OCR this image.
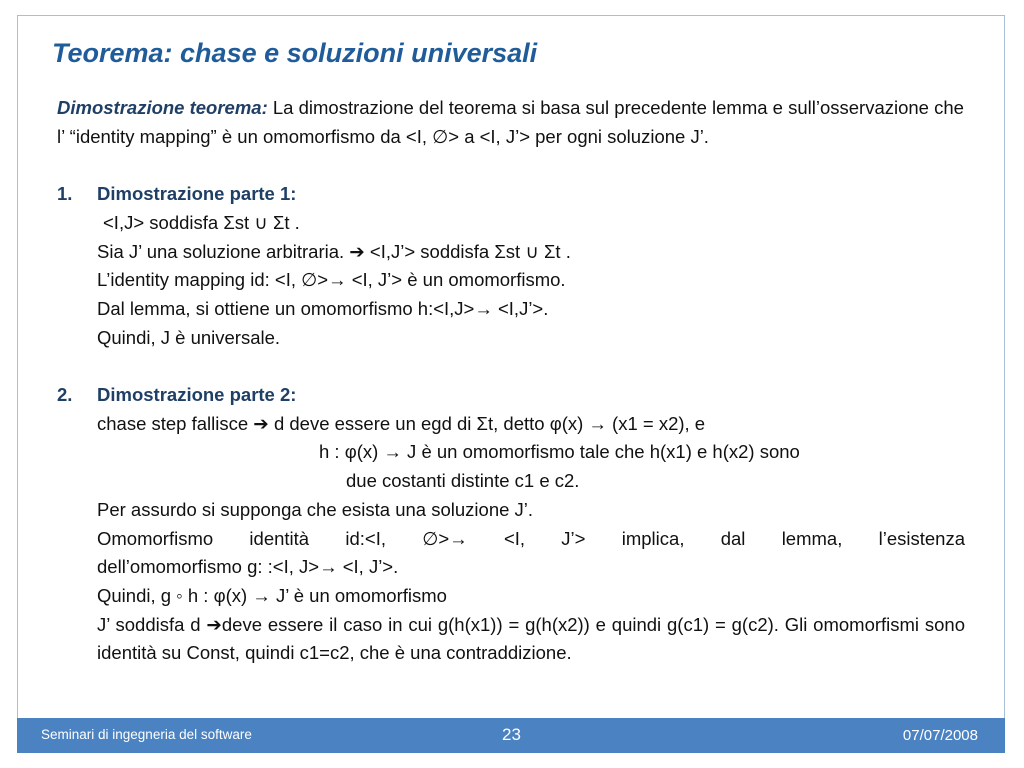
Teorema: chase e soluzioni universali

Dimostrazione teorema: La dimostrazione del teorema si basa sul precedente lemma e sull’osservazione che l’ “identity mapping” è un omomorfismo da <I, ∅> a <I, J’> per ogni soluzione J’.

1. Dimostrazione parte 1:
<I,J> soddisfa Σst ∪ Σt .
Sia J’ una soluzione arbitraria. ➔ <I,J’> soddisfa Σst ∪ Σt .
L’identity mapping id: <I, ∅>→ <I, J’> è un omomorfismo.
Dal lemma, si ottiene un omomorfismo h:<I,J>→ <I,J’>.
Quindi, J è universale.
2. Dimostrazione parte 2:
chase step fallisce ➔ d deve essere un egd di Σt, detto φ(x) → (x1 = x2), e
h : φ(x) → J è un omomorfismo tale che h(x1) e h(x2) sono
due costanti distinte c1 e c2.
Per assurdo si supponga che esista una soluzione J’.
Omomorfismo identità id:<I, ∅>→ <I, J’> implica, dal lemma, l’esistenza
dell’omomorfismo g: :<I, J>→ <I, J’>.
Quindi, g ◦ h : φ(x) → J’ è un omomorfismo
J’ soddisfa d ➔deve essere il caso in cui g(h(x1)) = g(h(x2)) e quindi g(c1) = g(c2). Gli omomorfismi sono identità su Const, quindi c1=c2, che è una contraddizione.
Seminari di ingegneria del software	23	07/07/2008
